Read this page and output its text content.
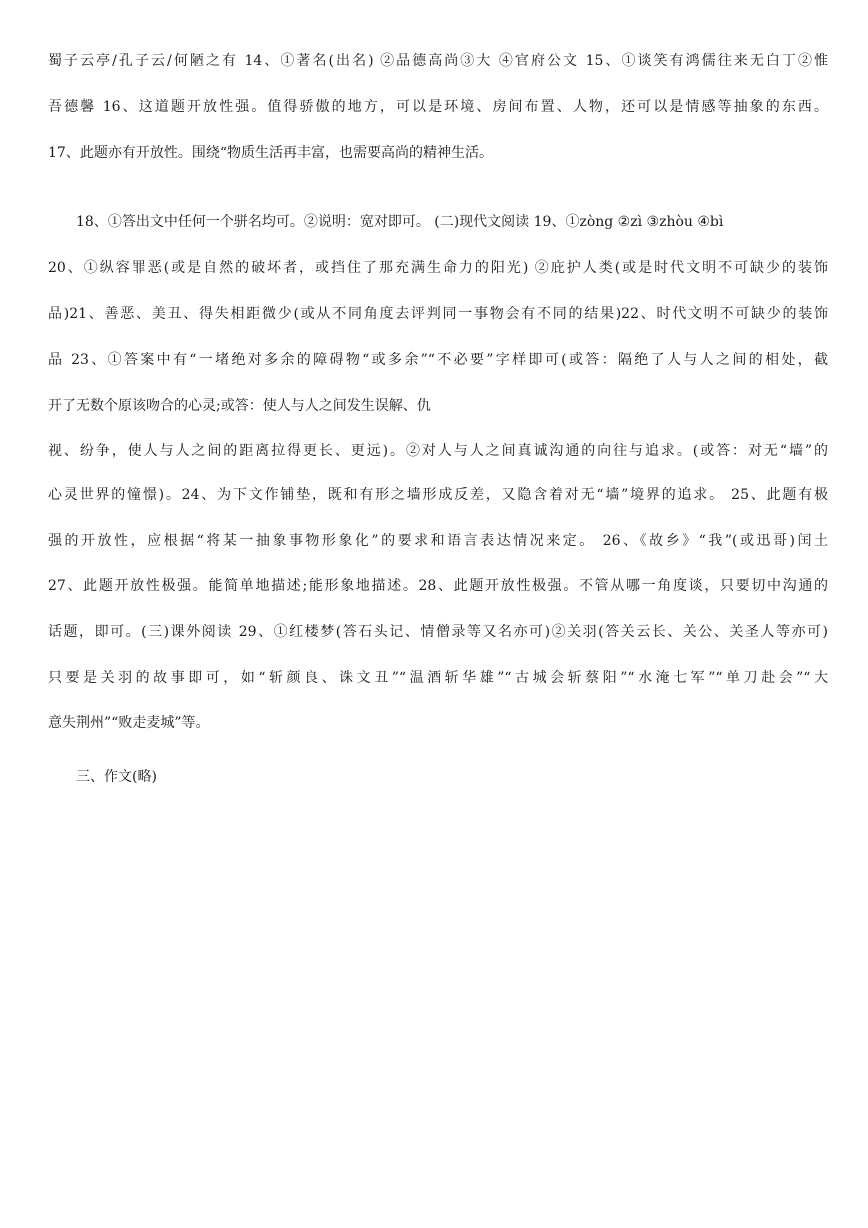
蜀子云亭/孔子云/何陋之有 14、①著名(出名) ②品德高尚③大 ④官府公文 15、①谈笑有鸿儒往来无白丁②惟
吾德馨 16、这道题开放性强。值得骄傲的地方，可以是环境、房间布置、人物，还可以是情感等抽象的东西。
17、此题亦有开放性。围绕“物质生活再丰富，也需要高尚的精神生活。
18、①答出文中任何一个骈名均可。②说明：宽对即可。 (二)现代文阅读 19、①zòng ②zì ③zhòu ④bì
20、①纵容罪恶(或是自然的破坏者，或挡住了那充满生命力的阳光) ②庇护人类(或是时代文明不可缺少的装饰
品)21、善恶、美丑、得失相距微少(或从不同角度去评判同一事物会有不同的结果)22、时代文明不可缺少的装饰
品 23、①答案中有“一堵绝对多余的障碍物“或多余”“不必要”字样即可(或答：隔绝了人与人之间的相处，截
开了无数个原该吻合的心灵;或答：使人与人之间发生误解、仇
视、纷争，使人与人之间的距离拉得更长、更远)。②对人与人之间真诚沟通的向往与追求。(或答：对无“墙”的
心灵世界的憧憬)。24、为下文作铺垫，既和有形之墙形成反差，又隐含着对无“墙”境界的追求。 25、此题有极
强的开放性，应根据“将某一抽象事物形象化”的要求和语言表达情况来定。 26、《故乡》“我”(或迅哥)闰土
27、此题开放性极强。能简单地描述;能形象地描述。28、此题开放性极强。不管从哪一角度谈，只要切中沟通的
话题，即可。(三)课外阅读 29、①红楼梦(答石头记、情僧录等又名亦可)②关羽(答关云长、关公、关圣人等亦可)
只要是关羽的故事即可，如“斩颜良、诛文丑”“温酒斩华雄”“古城会斩蔡阳”“水淹七军”“单刀赴会”“大
意失荆州”“败走麦城”等。
三、作文(略)
